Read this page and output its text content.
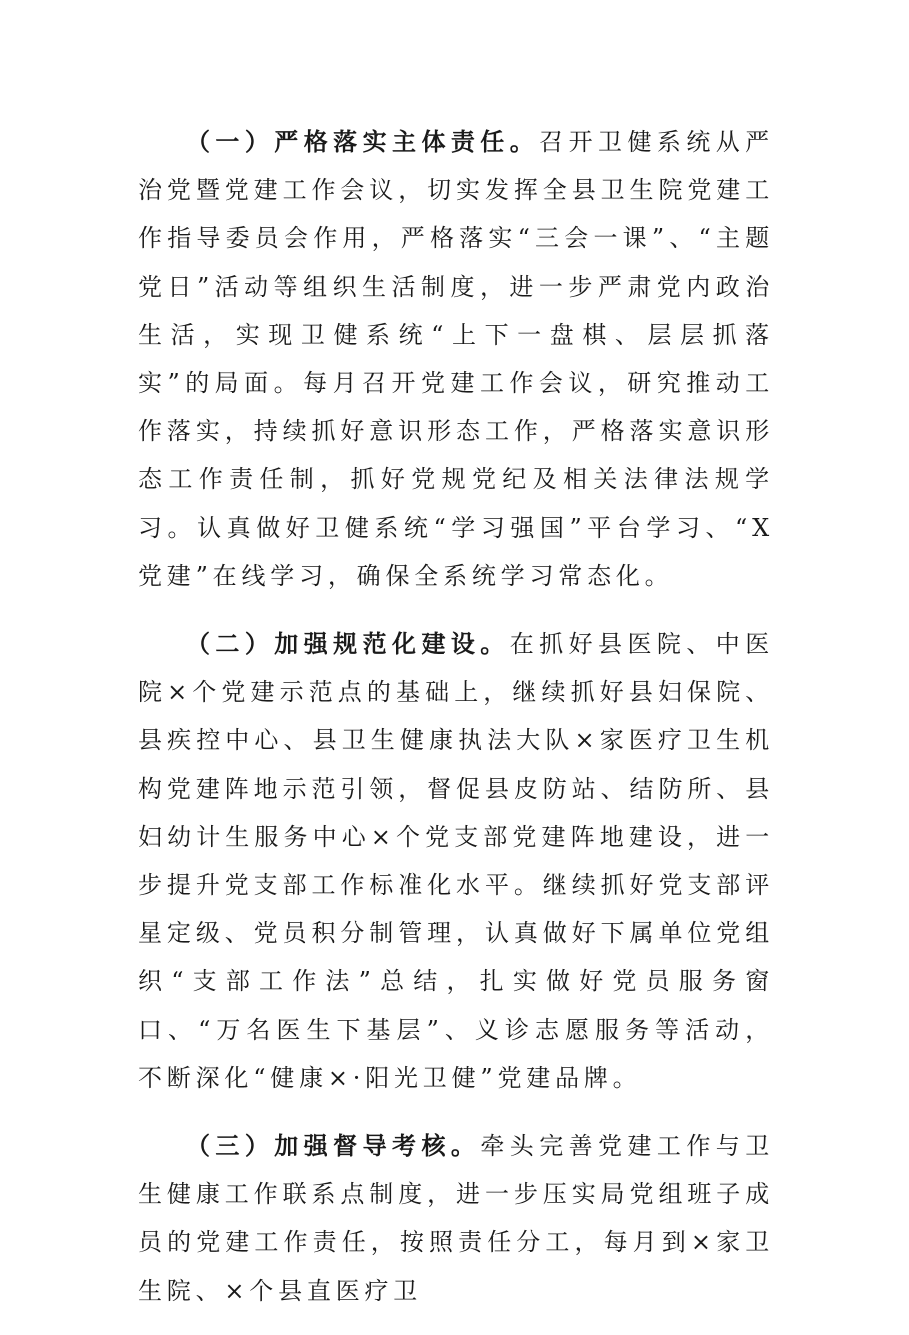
（一）严格落实主体责任。召开卫健系统从严治党暨党建工作会议，切实发挥全县卫生院党建工作指导委员会作用，严格落实“三会一课”、“主题党日”活动等组织生活制度，进一步严肃党内政治生活，实现卫健系统“上下一盘棋、层层抓落实”的局面。每月召开党建工作会议，研究推动工作落实，持续抓好意识形态工作，严格落实意识形态工作责任制，抓好党规党纪及相关法律法规学习。认真做好卫健系统“学习强国”平台学习、“X党建”在线学习，确保全系统学习常态化。

（二）加强规范化建设。在抓好县医院、中医院×个党建示范点的基础上，继续抓好县妇保院、县疾控中心、县卫生健康执法大队×家医疗卫生机构党建阵地示范引领，督促县皮防站、结防所、县妇幼计生服务中心×个党支部党建阵地建设，进一步提升党支部工作标准化水平。继续抓好党支部评星定级、党员积分制管理，认真做好下属单位党组织“支部工作法”总结，扎实做好党员服务窗口、“万名医生下基层”、义诊志愿服务等活动，不断深化“健康×·阳光卫健”党建品牌。

（三）加强督导考核。牵头完善党建工作与卫生健康工作联系点制度，进一步压实局党组班子成员的党建工作责任，按照责任分工，每月到×家卫生院、×个县直医疗卫
